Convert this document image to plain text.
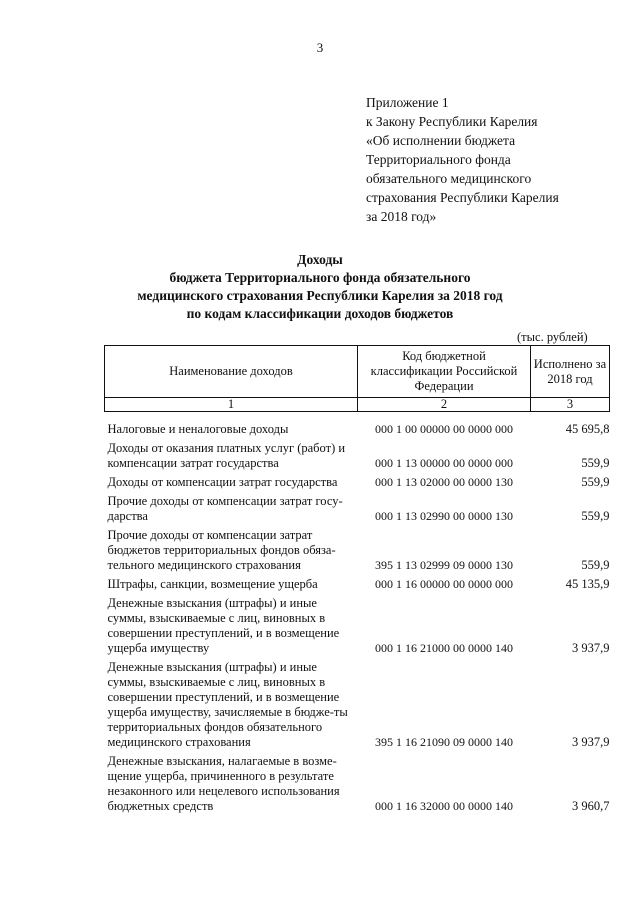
3
Приложение 1
к Закону Республики Карелия
«Об исполнении бюджета
Территориального фонда
обязательного медицинского
страхования Республики Карелия
за 2018 год»
Доходы
бюджета Территориального фонда обязательного
медицинского страхования Республики Карелия за 2018 год
по кодам классификации доходов бюджетов
(тыс. рублей)
Наименование доходов	Код бюджетной классификации Российской Федерации	Исполнено за 2018 год
1	2	3
Налоговые и неналоговые доходы	000 1 00 00000 00 0000 000	45 695,8
Доходы от оказания платных услуг (работ) и компенсации затрат государства	000 1 13 00000 00 0000 000	559,9
Доходы от компенсации затрат государства	000 1 13 02000 00 0000 130	559,9
Прочие доходы от компенсации затрат госу-дарства	000 1 13 02990 00 0000 130	559,9
Прочие доходы от компенсации затрат бюджетов территориальных фондов обяза-тельного медицинского страхования	395 1 13 02999 09 0000 130	559,9
Штрафы, санкции, возмещение ущерба	000 1 16 00000 00 0000 000	45 135,9
Денежные взыскания (штрафы) и иные суммы, взыскиваемые с лиц, виновных в совершении преступлений, и в возмещение ущерба имуществу	000 1 16 21000 00 0000 140	3 937,9
Денежные взыскания (штрафы) и иные суммы, взыскиваемые с лиц, виновных в совершении преступлений, и в возмещение ущербa имуществу, зачисляемые в бюдже-ты территориальных фондов обязательного медицинского страхования	395 1 16 21090 09 0000 140	3 937,9
Денежные взыскания, налагаемые в возме-щение ущерба, причиненного в результате незаконного или нецелевого использования бюджетных средств	000 1 16 32000 00 0000 140	3 960,7
